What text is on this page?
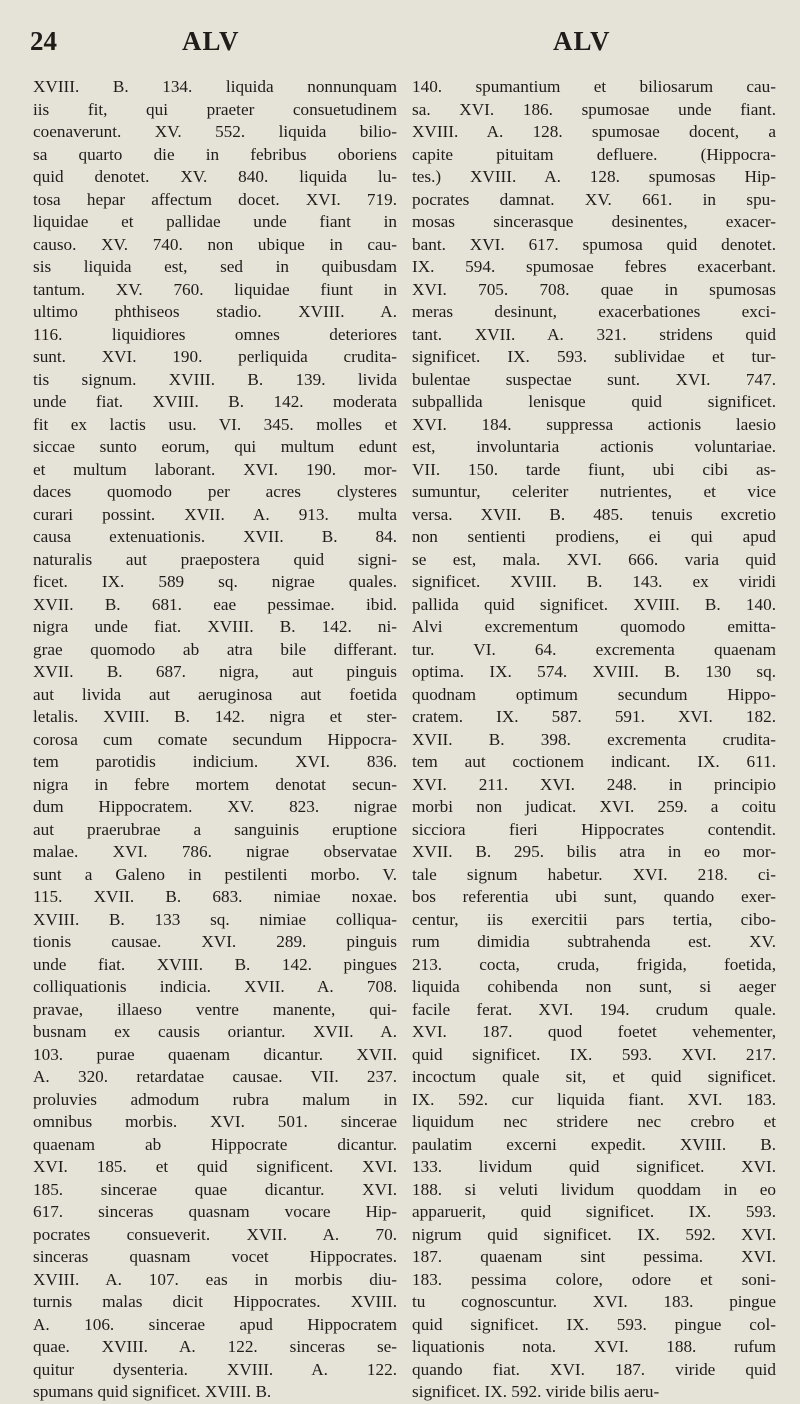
24	ALV	ALV
XVIII. B. 134. liquida nonnunquam
iis fit, qui praeter consuetudinem
coenaverunt. XV. 552. liquida bilio-
sa quarto die in febribus oboriens
quid denotet. XV. 840. liquida lu-
tosa hepar affectum docet. XVI. 719.
liquidae et pallidae unde fiant in
causo. XV. 740. non ubique in cau-
sis liquida est, sed in quibusdam
tantum. XV. 760. liquidae fiunt in
ultimo phthiseos stadio. XVIII. A.
116. liquidiores omnes deteriores
sunt. XVI. 190. perliquida crudita-
tis signum. XVIII. B. 139. livida
unde fiat. XVIII. B. 142. moderata
fit ex lactis usu. VI. 345. molles et
siccae sunto eorum, qui multum edunt
et multum laborant. XVI. 190. mor-
daces quomodo per acres clysteres
curari possint. XVII. A. 913. multa
causa extenuationis. XVII. B. 84.
naturalis aut praepostera quid signi-
ficet. IX. 589 sq. nigrae quales.
XVII. B. 681. eae pessimae. ibid.
nigra unde fiat. XVIII. B. 142. ni-
grae quomodo ab atra bile differant.
XVII. B. 687. nigra, aut pinguis
aut livida aut aeruginosa aut foetida
letalis. XVIII. B. 142. nigra et ster-
corosa cum comate secundum Hippocra-
tem parotidis indicium. XVI. 836.
nigra in febre mortem denotat secun-
dum Hippocratem. XV. 823. nigrae
aut praerubrae a sanguinis eruptione
malae. XVI. 786. nigrae observatae
sunt a Galeno in pestilenti morbo. V.
115. XVII. B. 683. nimiae noxae.
XVIII. B. 133 sq. nimiae colliqua-
tionis causae. XVI. 289. pinguis
unde fiat. XVIII. B. 142. pingues
colliquationis indicia. XVII. A. 708.
pravae, illaeso ventre manente, qui-
busnam ex causis oriantur. XVII. A.
103. purae quaenam dicantur. XVII.
A. 320. retardatae causae. VII. 237.
proluvies admodum rubra malum in
omnibus morbis. XVI. 501. sincerae
quaenam ab Hippocrate dicantur.
XVI. 185. et quid significent. XVI.
185. sincerae quae dicantur. XVI.
617. sinceras quasnam vocare Hip-
pocrates consueverit. XVII. A. 70.
sinceras quasnam vocet Hippocrates.
XVIII. A. 107. eas in morbis diu-
turnis malas dicit Hippocrates. XVIII.
A. 106. sincerae apud Hippocratem
quae. XVIII. A. 122. sinceras se-
quitur dysenteria. XVIII. A. 122.
spumans quid significet. XVIII. B.
140. spumantium et biliosarum cau-
sa. XVI. 186. spumosae unde fiant.
XVIII. A. 128. spumosae docent, a
capite pituitam defluere. (Hippocra-
tes.) XVIII. A. 128. spumosas Hip-
pocrates damnat. XV. 661. in spu-
mosas sincerasque desinentes, exacer-
bant. XVI. 617. spumosa quid denotet.
IX. 594. spumosae febres exacerbant.
XVI. 705. 708. quae in spumosas
meras desinunt, exacerbationes exci-
tant. XVII. A. 321. stridens quid
significet. IX. 593. sublividae et tur-
bulentae suspectae sunt. XVI. 747.
subpallida lenisque quid significet.
XVI. 184. suppressa actionis laesio
est, involuntaria actionis voluntariae.
VII. 150. tarde fiunt, ubi cibi as-
sumuntur, celeriter nutrientes, et vice
versa. XVII. B. 485. tenuis excretio
non sentienti prodiens, ei qui apud
se est, mala. XVI. 666. varia quid
significet. XVIII. B. 143. ex viridi
pallida quid significet. XVIII. B. 140.
Alvi excrementum quomodo emitta-
tur. VI. 64. excrementa quaenam
optima. IX. 574. XVIII. B. 130 sq.
quodnam optimum secundum Hippo-
cratem. IX. 587. 591. XVI. 182.
XVII. B. 398. excrementa crudita-
tem aut coctionem indicant. IX. 611.
XVI. 211. XVI. 248. in principio
morbi non judicat. XVI. 259. a coitu
sicciora fieri Hippocrates contendit.
XVII. B. 295. bilis atra in eo mor-
tale signum habetur. XVI. 218. ci-
bos referentia ubi sunt, quando exer-
centur, iis exercitii pars tertia, cibo-
rum dimidia subtrahenda est. XV.
213. cocta, cruda, frigida, foetida,
liquida cohibenda non sunt, si aeger
facile ferat. XVI. 194. crudum quale.
XVI. 187. quod foetet vehementer,
quid significet. IX. 593. XVI. 217.
incoctum quale sit, et quid significet.
IX. 592. cur liquida fiant. XVI. 183.
liquidum nec stridere nec crebro et
paulatim excerni expedit. XVIII. B.
133. lividum quid significet. XVI.
188. si veluti lividum quoddam in eo
apparuerit, quid significet. IX. 593.
nigrum quid significet. IX. 592. XVI.
187. quaenam sint pessima. XVI.
183. pessima colore, odore et soni-
tu cognoscuntur. XVI. 183. pingue
quid significet. IX. 593. pingue col-
liquationis nota. XVI. 188. rufum
quando fiat. XVI. 187. viride quid
significet. IX. 592. viride bilis aeru-
